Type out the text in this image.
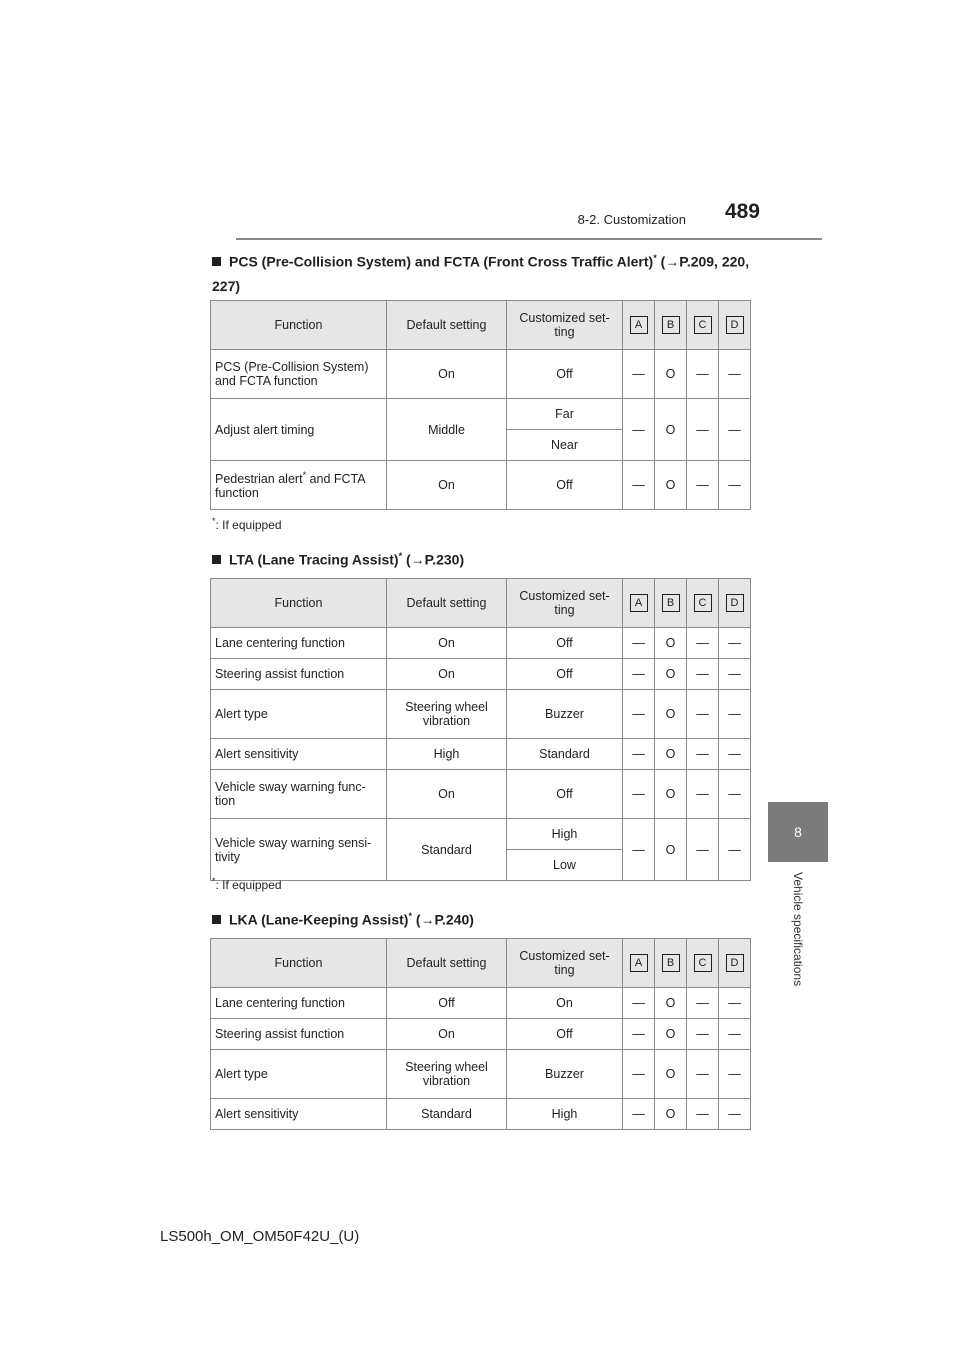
8-2. Customization 489
8
Vehicle specifications
PCS (Pre-Collision System) and FCTA (Front Cross Traffic Alert)* (→P.209, 220, 227)
Function	Default setting	Customized set-ting	A	B	C	D
PCS (Pre-Collision System) and FCTA function	On	Off	—	O	—	—
Adjust alert timing	Middle	Far	—	O	—	—
		Near				
Pedestrian alert* and FCTA function	On	Off	—	O	—	—
*: If equipped
LTA (Lane Tracing Assist)* (→P.230)
Function	Default setting	Customized set-ting	A	B	C	D
Lane centering function	On	Off	—	O	—	—
Steering assist function	On	Off	—	O	—	—
Alert type	Steering wheel vibration	Buzzer	—	O	—	—
Alert sensitivity	High	Standard	—	O	—	—
Vehicle sway warning func-tion	On	Off	—	O	—	—
Vehicle sway warning sensi-tivity	Standard	High	—	O	—	—
		Low				
*: If equipped
LKA (Lane-Keeping Assist)* (→P.240)
Function	Default setting	Customized set-ting	A	B	C	D
Lane centering function	Off	On	—	O	—	—
Steering assist function	On	Off	—	O	—	—
Alert type	Steering wheel vibration	Buzzer	—	O	—	—
Alert sensitivity	Standard	High	—	O	—	—
LS500h_OM_OM50F42U_(U)
